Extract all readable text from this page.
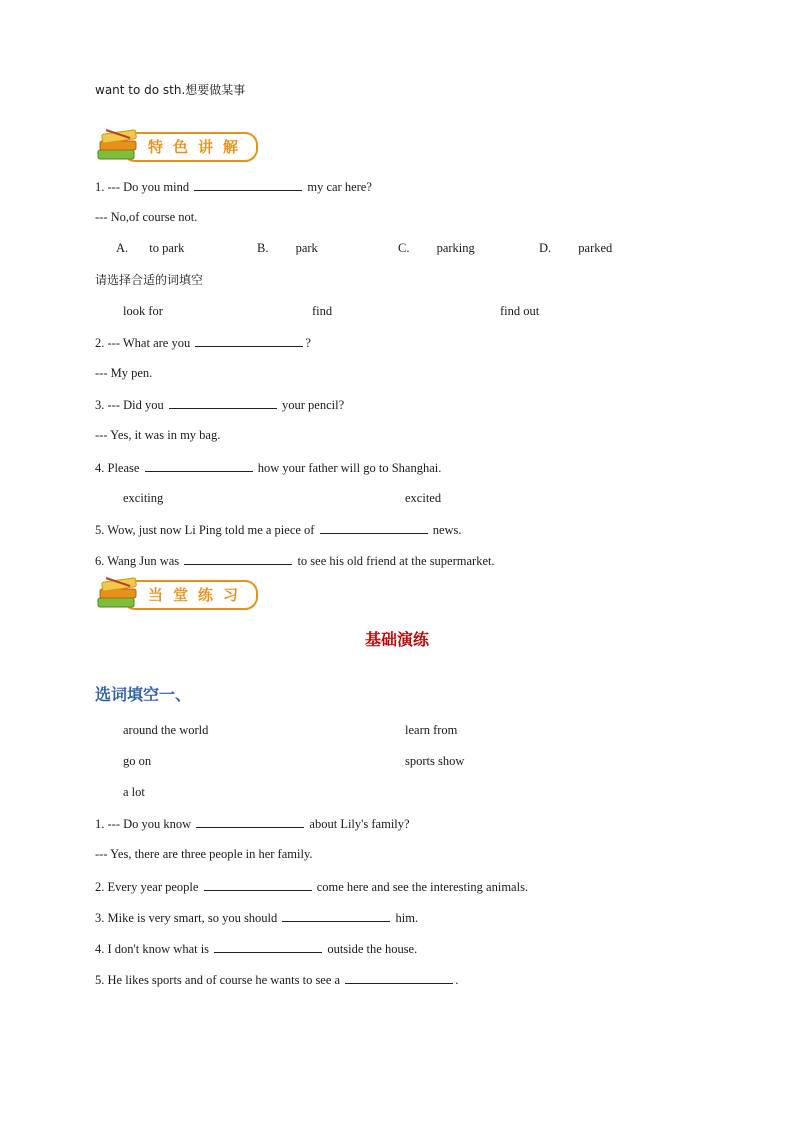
want to do sth.想要做某事
特色讲解
1. --- Do you mind	my car here?
--- No,of course not.
A. to park	B. park	C. parking	D. parked
请选择合适的词填空
look for	find	find out
2. --- What are you	?
--- My pen.
3. --- Did you	your pencil?
--- Yes, it was in my bag.
4. Please	how your father will go to Shanghai.
exciting	excited
5. Wow, just now Li Ping told me a piece of	news.
6. Wang Jun was	to see his old friend at the supermarket.
当堂练习
基础演练
选词填空一、
around the world	learn from
go on	sports show
a lot
1. --- Do you know	about Lily's family?
--- Yes, there are three people in her family.
2. Every year people	come here and see the interesting animals.
3. Mike is very smart, so you should	him.
4. I don't know what is	outside the house.
5. He likes sports and of course he wants to see a	.
